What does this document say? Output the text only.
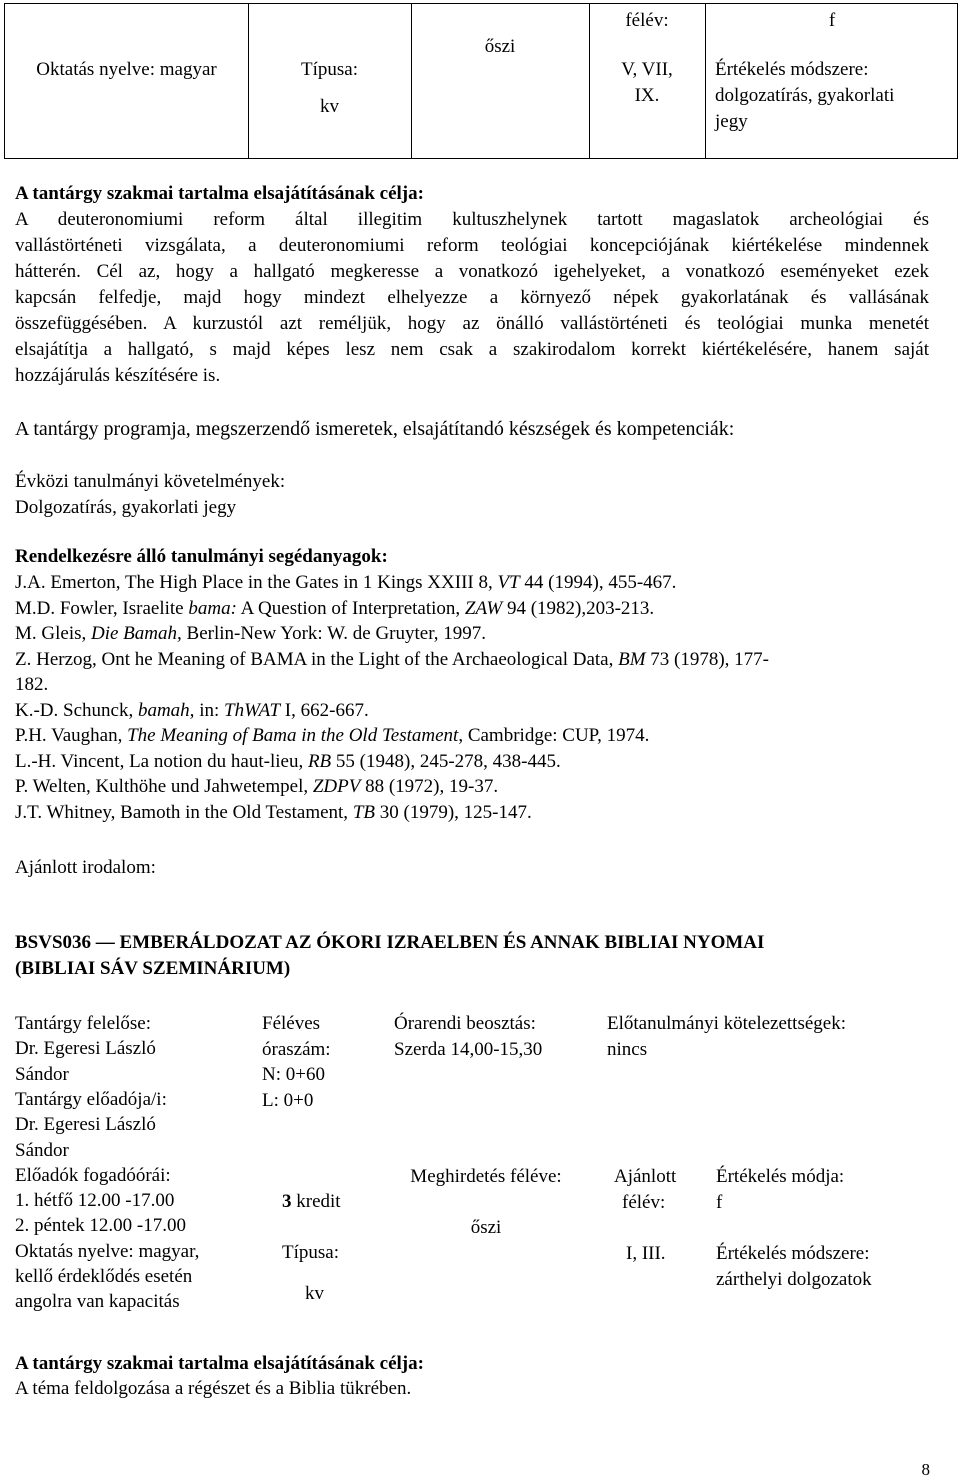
Oktatás nyelve: magyar	Típusa:
kv
őszi
félév:
V, VII,
IX.
f
Értékelés módszere:
dolgozatírás, gyakorlati
jegy
A tantárgy szakmai tartalma elsajátításának célja:
A deuteronomiumi reform által illegitim kultuszhelynek tartott magaslatok archeológiai és
vallástörténeti vizsgálata, a deuteronomiumi reform teológiai koncepciójának kiértékelése mindennek
hátterén. Cél az, hogy a hallgató megkeresse a vonatkozó igehelyeket, a vonatkozó eseményeket ezek
kapcsán felfedje, majd hogy mindezt elhelyezze a környező népek gyakorlatának és vallásának
összefüggésében. A kurzustól azt reméljük, hogy az önálló vallástörténeti és teológiai munka menetét
elsajátítja a hallgató, s majd képes lesz nem csak a szakirodalom korrekt kiértékelésére, hanem saját
hozzájárulás készítésére is.
A tantárgy programja, megszerzendő ismeretek, elsajátítandó készségek és kompetenciák:
Évközi tanulmányi követelmények:
Dolgozatírás, gyakorlati jegy
Rendelkezésre álló tanulmányi segédanyagok:
J.A. Emerton, The High Place in the Gates in 1 Kings XXIII 8, VT 44 (1994), 455-467.
M.D. Fowler, Israelite bama: A Question of Interpretation, ZAW 94 (1982),203-213.
M. Gleis, Die Bamah, Berlin-New York: W. de Gruyter, 1997.
Z. Herzog, Ont he Meaning of BAMA in the Light of the Archaeological Data, BM 73 (1978), 177-
182.
K.-D. Schunck, bamah, in: ThWAT I, 662-667.
P.H. Vaughan, The Meaning of Bama in the Old Testament, Cambridge: CUP, 1974.
L.-H. Vincent, La notion du haut-lieu, RB 55 (1948), 245-278, 438-445.
P. Welten, Kulthöhe und Jahwetempel, ZDPV 88 (1972), 19-37.
J.T. Whitney, Bamoth in the Old Testament, TB 30 (1979), 125-147.
Ajánlott irodalom:
BSVS036 — EMBERÁLDOZAT AZ ÓKORI IZRAELBEN ÉS ANNAK BIBLIAI NYOMAI
(BIBLIAI SÁV SZEMINÁRIUM)
Tantárgy felelőse:
Dr. Egeresi László
Sándor
Tantárgy előadója/i:
Dr. Egeresi László
Sándor
Előadók fogadóórái:
1. hétfő 12.00 -17.00
2. péntek 12.00 -17.00
Oktatás nyelve: magyar,
kellő érdeklődés esetén
angolra van kapacitás
Féléves
óraszám:
N: 0+60
L: 0+0
3 kredit
Típusa:
kv
Órarendi beosztás:
Szerda 14,00-15,30
Meghirdetés féléve:
őszi
Előtanulmányi kötelezettségek:
nincs
Ajánlott
félév:
I, III.
Értékelés módja:
f
Értékelés módszere:
zárthelyi dolgozatok
A tantárgy szakmai tartalma elsajátításának célja:
A téma feldolgozása a régészet és a Biblia tükrében.
8
